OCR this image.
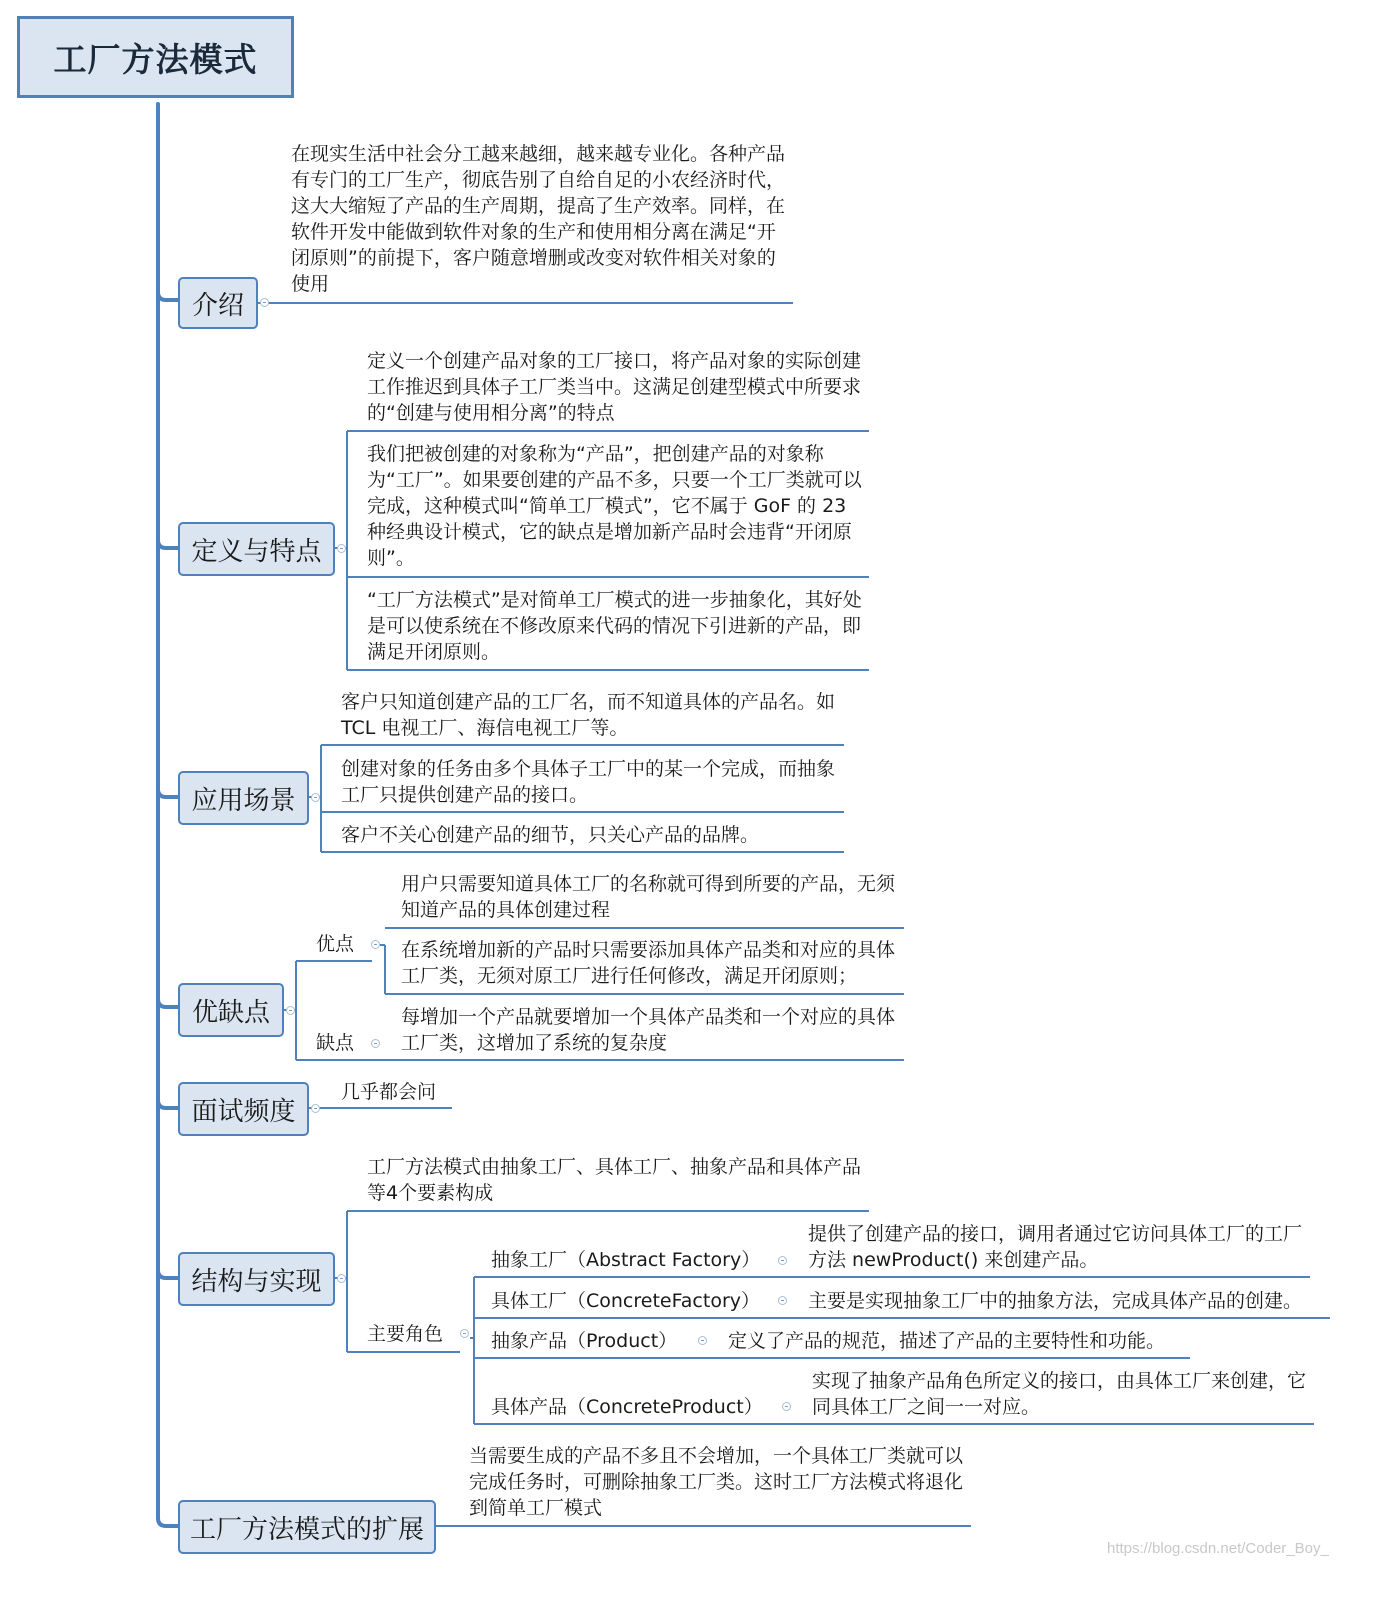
工厂方法模式
介绍
在现实生活中社会分工越来越细，越来越专业化。各种产品有专门的工厂生产，彻底告别了自给自足的小农经济时代，这大大缩短了产品的生产周期，提高了生产效率。同样，在软件开发中能做到软件对象的生产和使用相分离在满足“开闭原则”的前提下，客户随意增删或改变对软件相关对象的使用
定义与特点
定义一个创建产品对象的工厂接口，将产品对象的实际创建工作推迟到具体子工厂类当中。这满足创建型模式中所要求的“创建与使用相分离”的特点
我们把被创建的对象称为“产品”，把创建产品的对象称为“工厂”。如果要创建的产品不多，只要一个工厂类就可以完成，这种模式叫“简单工厂模式”，它不属于 GoF 的 23 种经典设计模式，它的缺点是增加新产品时会违背“开闭原则”。
“工厂方法模式”是对简单工厂模式的进一步抽象化，其好处是可以使系统在不修改原来代码的情况下引进新的产品，即满足开闭原则。
应用场景
客户只知道创建产品的工厂名，而不知道具体的产品名。如 TCL 电视工厂、海信电视工厂等。
创建对象的任务由多个具体子工厂中的某一个完成，而抽象工厂只提供创建产品的接口。
客户不关心创建产品的细节，只关心产品的品牌。
优缺点
优点
缺点
用户只需要知道具体工厂的名称就可得到所要的产品，无须知道产品的具体创建过程
在系统增加新的产品时只需要添加具体产品类和对应的具体工厂类，无须对原工厂进行任何修改，满足开闭原则；
每增加一个产品就要增加一个具体产品类和一个对应的具体工厂类，这增加了系统的复杂度
面试频度
几乎都会问
结构与实现
工厂方法模式由抽象工厂、具体工厂、抽象产品和具体产品等4个要素构成
主要角色
抽象工厂（Abstract Factory）
提供了创建产品的接口，调用者通过它访问具体工厂的工厂方法 newProduct() 来创建产品。
具体工厂（ConcreteFactory）	主要是实现抽象工厂中的抽象方法，完成具体产品的创建。
抽象产品（Product）	定义了产品的规范，描述了产品的主要特性和功能。
具体产品（ConcreteProduct）
实现了抽象产品角色所定义的接口，由具体工厂来创建，它同具体工厂之间一一对应。
工厂方法模式的扩展
当需要生成的产品不多且不会增加，一个具体工厂类就可以完成任务时，可删除抽象工厂类。这时工厂方法模式将退化到简单工厂模式
https://blog.csdn.net/Coder_Boy_
